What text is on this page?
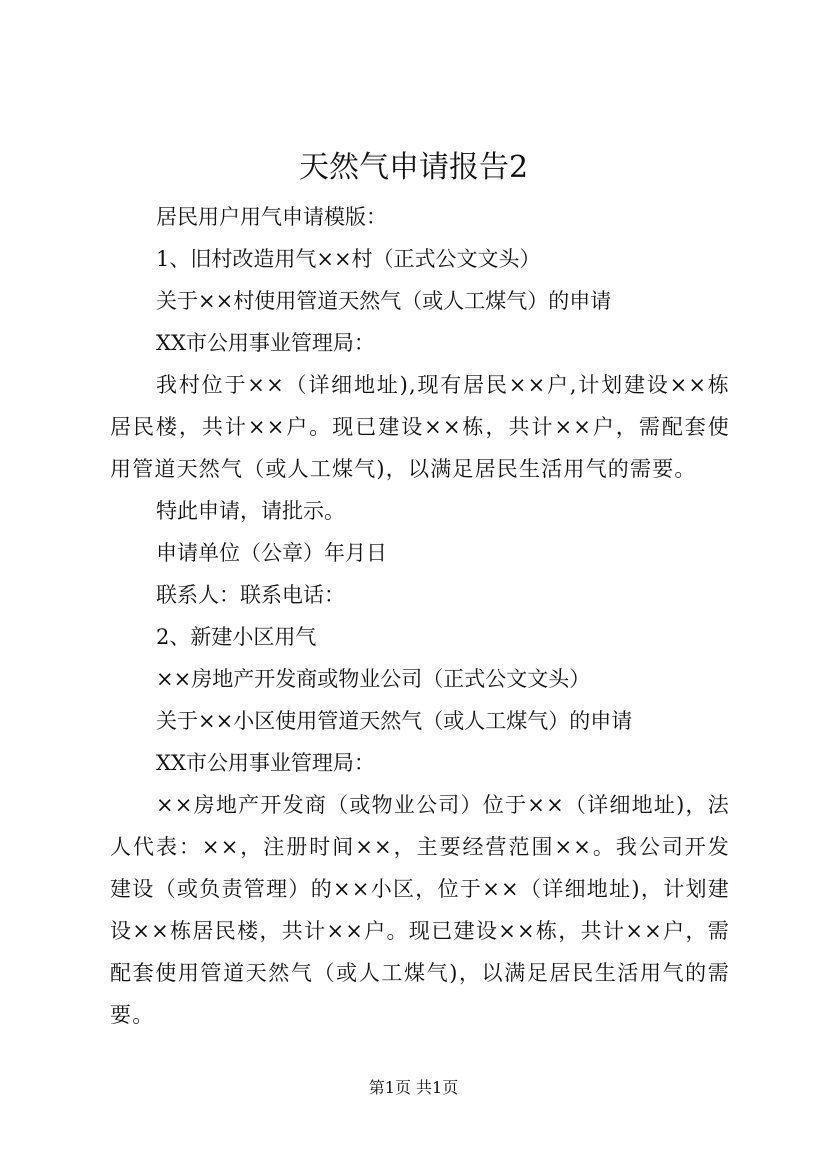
天然气申请报告2

居民用户用气申请模版：

1、旧村改造用气××村（正式公文文头）

关于××村使用管道天然气（或人工煤气）的申请

XX市公用事业管理局：

我村位于××（详细地址),现有居民××户,计划建设××栋居民楼，共计××户。现已建设××栋，共计××户，需配套使用管道天然气（或人工煤气)，以满足居民生活用气的需要。

特此申请，请批示。

申请单位（公章）年月日

联系人：联系电话：

2、新建小区用气

××房地产开发商或物业公司（正式公文文头）

关于××小区使用管道天然气（或人工煤气）的申请

XX市公用事业管理局：

××房地产开发商（或物业公司）位于××（详细地址)，法人代表：××，注册时间××，主要经营范围××。我公司开发建设（或负责管理）的××小区，位于××（详细地址)，计划建设××栋居民楼，共计××户。现已建设××栋，共计××户，需配套使用管道天然气（或人工煤气)，以满足居民生活用气的需要。

第1页 共1页
